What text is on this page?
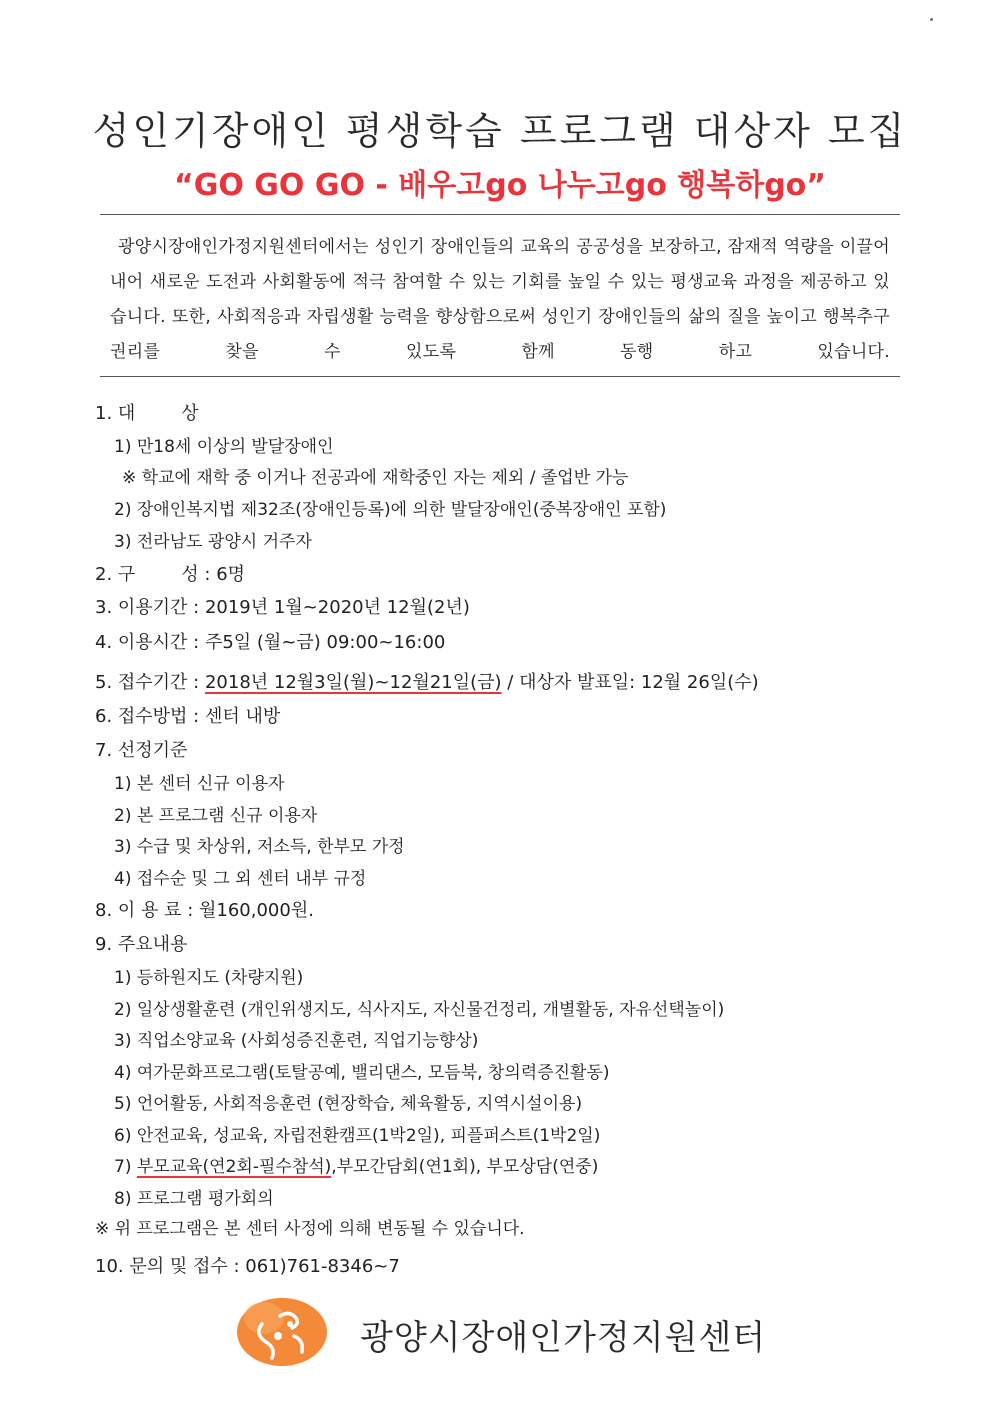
성인기장애인 평생학습 프로그램 대상자 모집
“GO GO GO - 배우고go 나누고go 행복하go”
광양시장애인가정지원센터에서는 성인기 장애인들의 교육의 공공성을 보장하고, 잠재적 역량을 이끌어 내어 새로운 도전과 사회활동에 적극 참여할 수 있는 기회를 높일 수 있는 평생교육 과정을 제공하고 있습니다. 또한, 사회적응과 자립생활 능력을 향상함으로써 성인기 장애인들의 삶의 질을 높이고 행복추구권리를 찾을 수 있도록 함께 동행 하고 있습니다.
1. 대	상
1) 만18세 이상의 발달장애인
※ 학교에 재학 중 이거나 전공과에 재학중인 자는 제외 / 졸업반 가능
2) 장애인복지법 제32조(장애인등록)에 의한 발달장애인(중복장애인 포함)
3) 전라남도 광양시 거주자
2. 구	성 : 6명
3. 이용기간 : 2019년 1월~2020년 12월(2년)
4. 이용시간 : 주5일 (월~금) 09:00~16:00
5. 접수기간 : 2018년 12월3일(월)~12월21일(금) / 대상자 발표일: 12월 26일(수)
6. 접수방법 : 센터 내방
7. 선정기준
1) 본 센터 신규 이용자
2) 본 프로그램 신규 이용자
3) 수급 및 차상위, 저소득, 한부모 가정
4) 접수순 및 그 외 센터 내부 규정
8. 이 용 료 : 월160,000원.
9. 주요내용
1) 등하원지도 (차량지원)
2) 일상생활훈련 (개인위생지도, 식사지도, 자신물건정리, 개별활동, 자유선택놀이)
3) 직업소양교육 (사회성증진훈련, 직업기능향상)
4) 여가문화프로그램(토탈공예, 밸리댄스, 모듬북, 창의력증진활동)
5) 언어활동, 사회적응훈련 (현장학습, 체육활동, 지역시설이용)
6) 안전교육, 성교육, 자립전환캠프(1박2일), 피플퍼스트(1박2일)
7) 부모교육(연2회-필수참석),부모간담회(연1회), 부모상담(연중)
8) 프로그램 평가회의
※ 위 프로그램은 본 센터 사정에 의해 변동될 수 있습니다.
10. 문의 및 접수 : 061)761-8346~7
광양시장애인가정지원센터
